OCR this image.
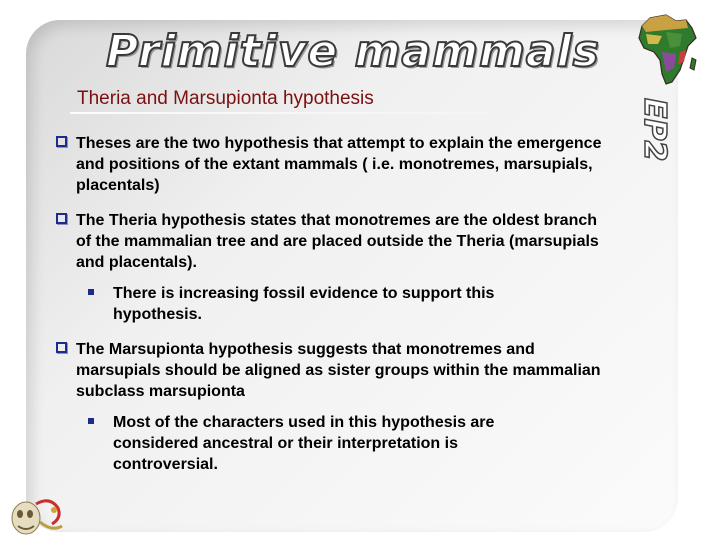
Primitive mammals
EP2
Theria and Marsupionta hypothesis
Theses are the two hypothesis that attempt to explain the emergence and positions of the extant mammals ( i.e. monotremes, marsupials, placentals)
The Theria hypothesis states that monotremes are the oldest branch of the mammalian tree and are placed outside the Theria (marsupials and placentals).
There is increasing fossil evidence to support this hypothesis.
The Marsupionta hypothesis suggests that monotremes and marsupials should be aligned as sister groups within the mammalian subclass marsupionta
Most of the characters used in this hypothesis are considered ancestral or their interpretation is controversial.
